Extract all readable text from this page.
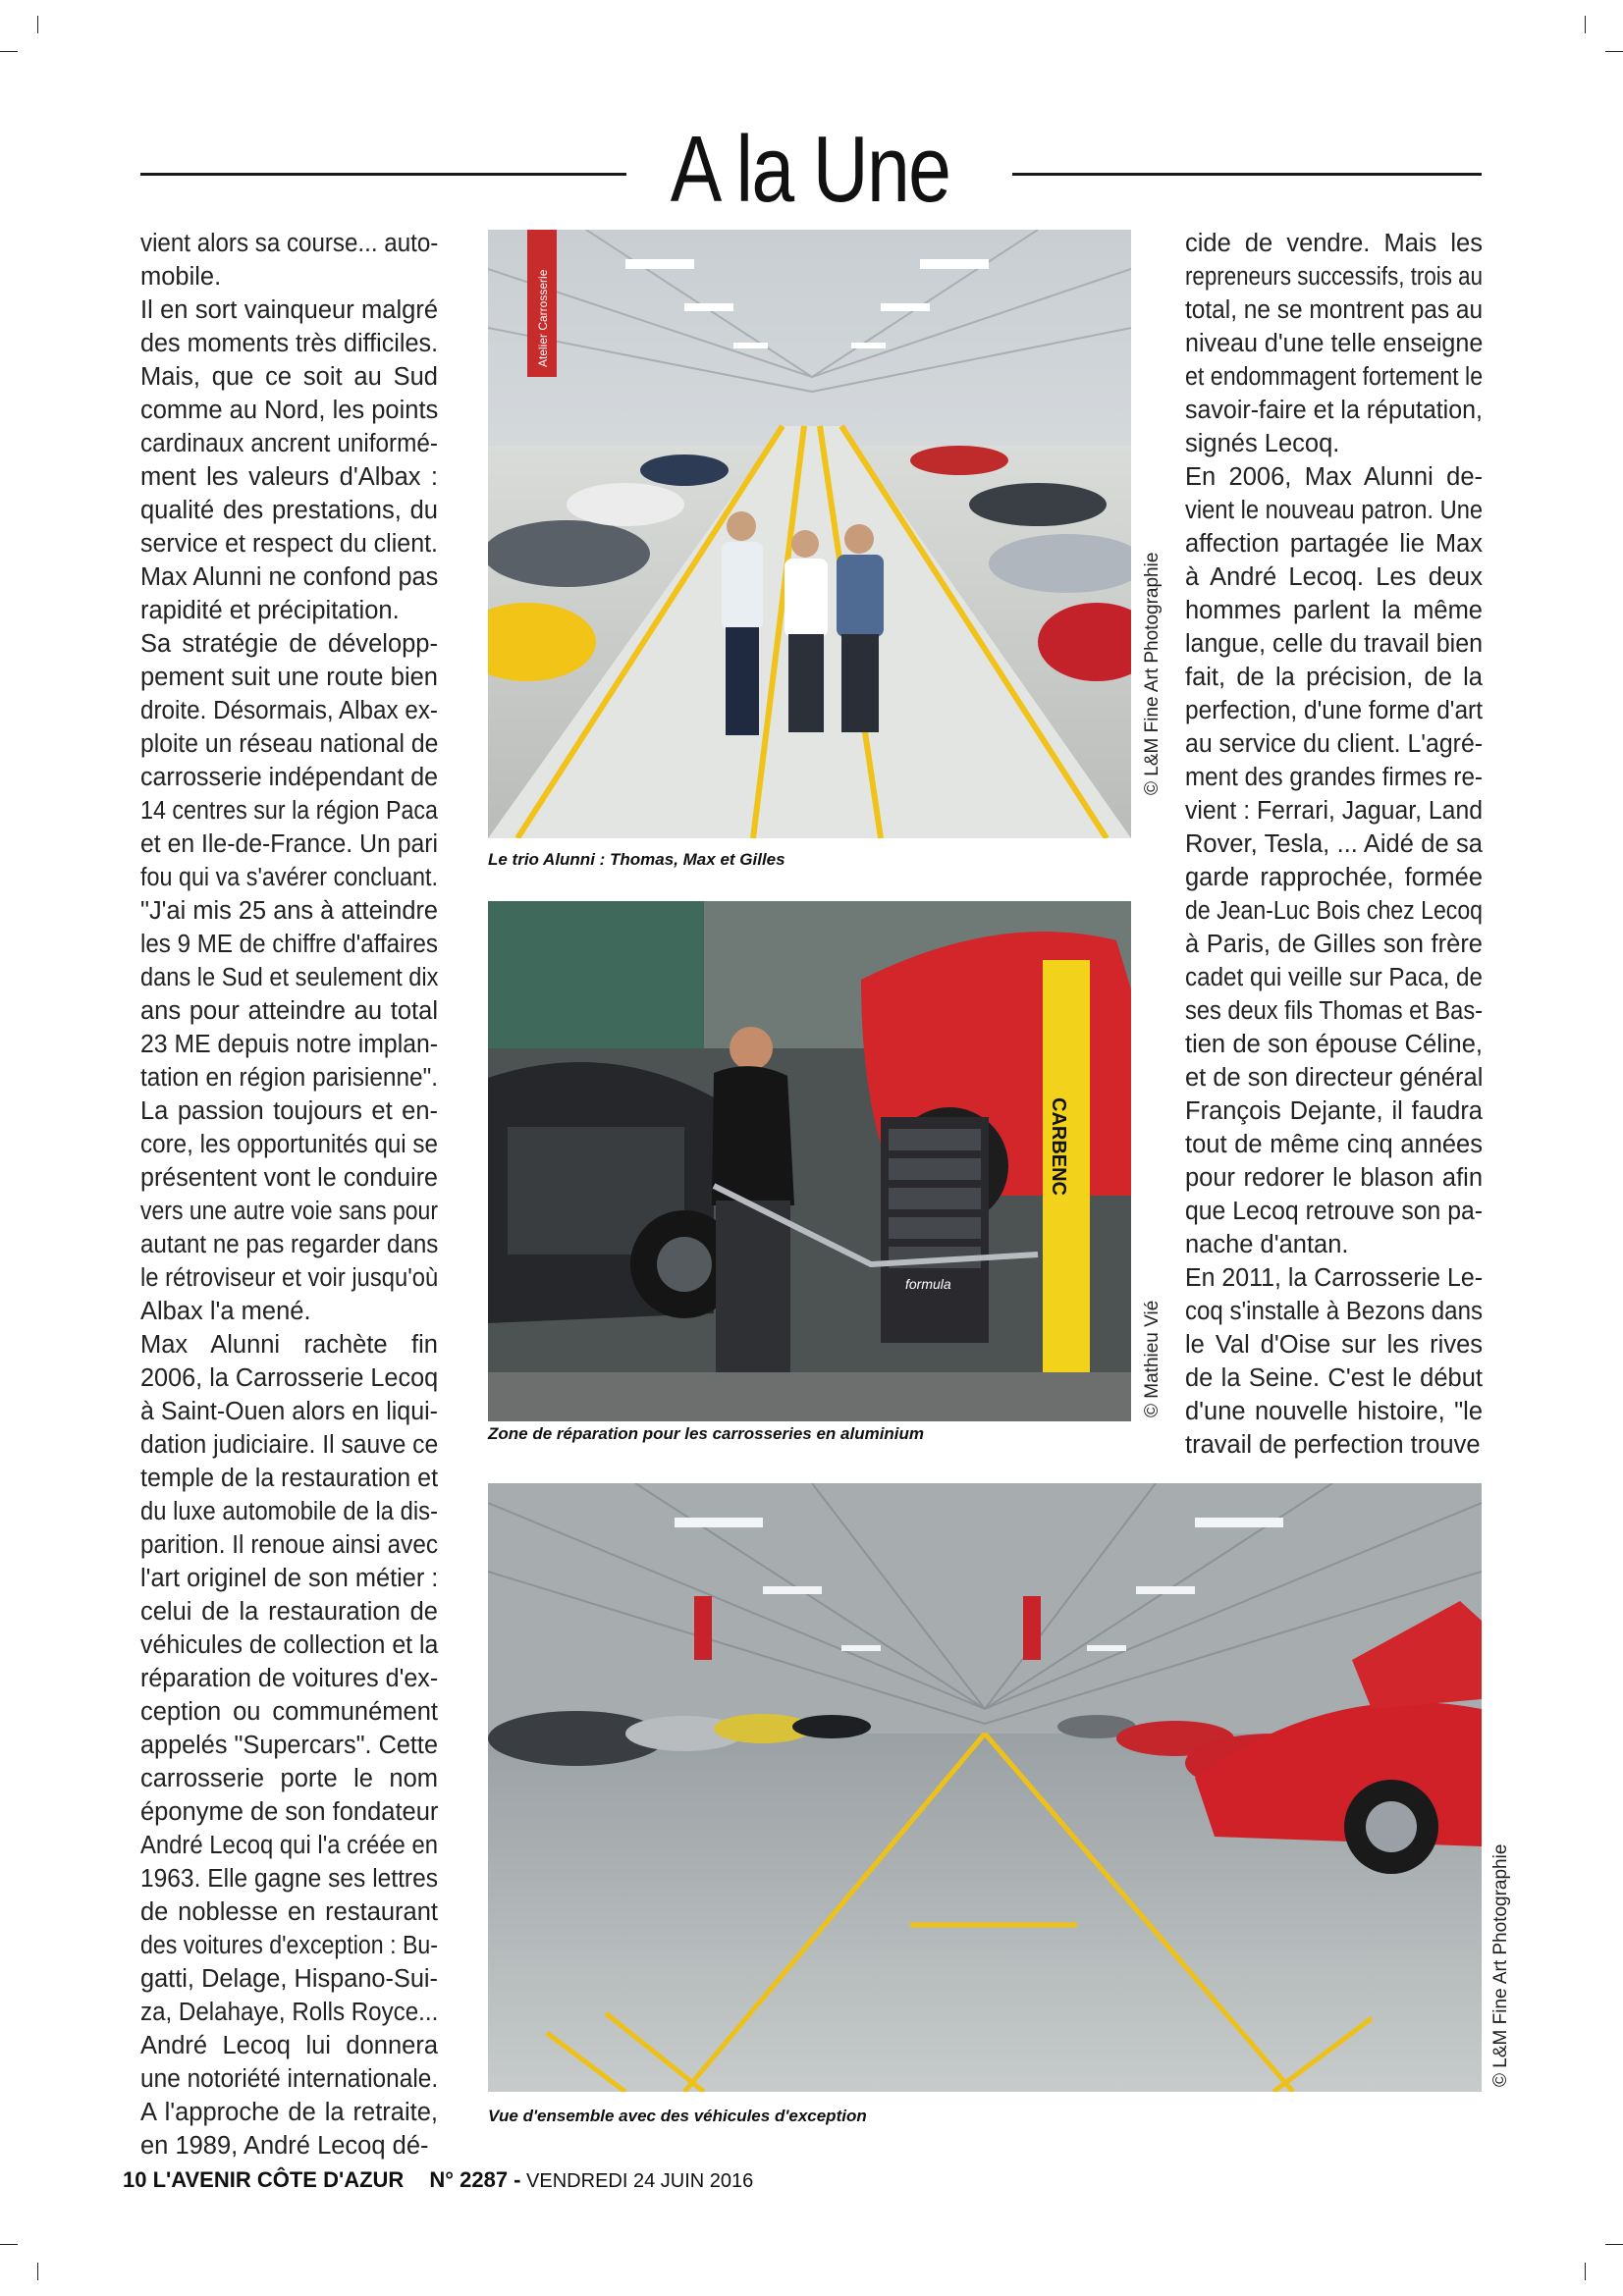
A la Une
vient alors sa course... auto-
mobile.
Il en sort vainqueur malgré
des moments très difficiles.
Mais, que ce soit au Sud
comme au Nord, les points
cardinaux ancrent uniformé-
ment les valeurs d'Albax :
qualité des prestations, du
service et respect du client.
Max Alunni ne confond pas
rapidité et précipitation.
Sa stratégie de développ-
pement suit une route bien
droite. Désormais, Albax ex-
ploite un réseau national de
carrosserie indépendant de
14 centres sur la région Paca
et en Ile-de-France. Un pari
fou qui va s'avérer concluant.
"J'ai mis 25 ans à atteindre
les 9 ME de chiffre d'affaires
dans le Sud et seulement dix
ans pour atteindre au total
23 ME depuis notre implan-
tation en région parisienne".
La passion toujours et en-
core, les opportunités qui se
présentent vont le conduire
vers une autre voie sans pour
autant ne pas regarder dans
le rétroviseur et voir jusqu'où
Albax l'a mené.
Max Alunni rachète fin
2006, la Carrosserie Lecoq
à Saint-Ouen alors en liqui-
dation judiciaire. Il sauve ce
temple de la restauration et
du luxe automobile de la dis-
parition. Il renoue ainsi avec
l'art originel de son métier :
celui de la restauration de
véhicules de collection et la
réparation de voitures d'ex-
ception ou communément
appelés "Supercars". Cette
carrosserie porte le nom
éponyme de son fondateur
André Lecoq qui l'a créée en
1963. Elle gagne ses lettres
de noblesse en restaurant
des voitures d'exception : Bu-
gatti, Delage, Hispano-Sui-
za, Delahaye, Rolls Royce...
André Lecoq lui donnera
une notoriété internationale.
A l'approche de la retraite,
en 1989, André Lecoq dé-
cide de vendre. Mais les
repreneurs successifs, trois au
total, ne se montrent pas au
niveau d'une telle enseigne
et endommagent fortement le
savoir-faire et la réputation,
signés Lecoq.
En 2006, Max Alunni de-
vient le nouveau patron. Une
affection partagée lie Max
à André Lecoq. Les deux
hommes parlent la même
langue, celle du travail bien
fait, de la précision, de la
perfection, d'une forme d'art
au service du client. L'agré-
ment des grandes firmes re-
vient : Ferrari, Jaguar, Land
Rover, Tesla, ... Aidé de sa
garde rapprochée, formée
de Jean-Luc Bois chez Lecoq
à Paris, de Gilles son frère
cadet qui veille sur Paca, de
ses deux fils Thomas et Bas-
tien de son épouse Céline,
et de son directeur général
François Dejante, il faudra
tout de même cinq années
pour redorer le blason afin
que Lecoq retrouve son pa-
nache d'antan.
En 2011, la Carrosserie Le-
coq s'installe à Bezons dans
le Val d'Oise sur les rives
de la Seine. C'est le début
d'une nouvelle histoire, "le
travail de perfection trouve
Atelier Carrosserie
© L&M Fine Art Photographie
Le trio Alunni : Thomas, Max et Gilles
formula
CARBENC
© Mathieu Vié
Zone de réparation pour les carrosseries en aluminium
© L&M Fine Art Photographie
Vue d'ensemble avec des véhicules d'exception
10 L'AVENIR CÔTE D'AZUR N° 2287 - VENDREDI 24 JUIN 2016
